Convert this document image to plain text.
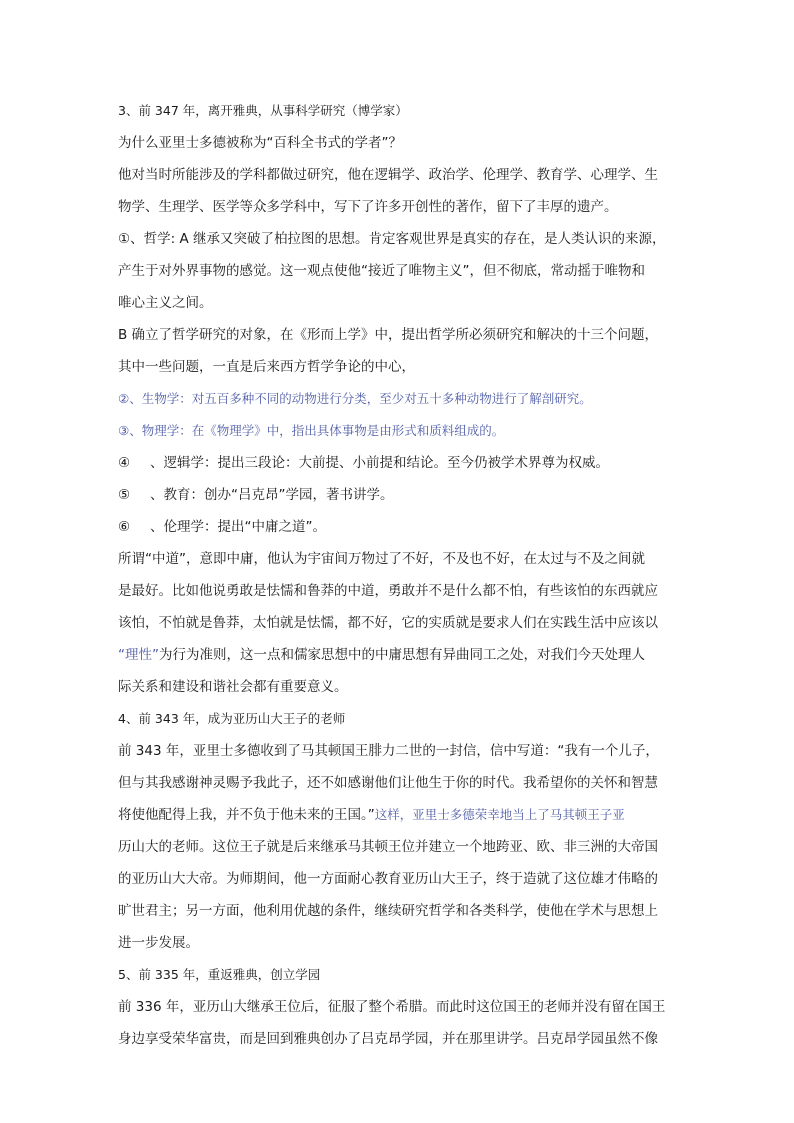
3、前 347 年，离开雅典，从事科学研究（博学家）
为什么亚里士多德被称为“百科全书式的学者”？
他对当时所能涉及的学科都做过研究，他在逻辑学、政治学、伦理学、教育学、心理学、生
物学、生理学、医学等众多学科中，写下了许多开创性的著作，留下了丰厚的遗产。
①、哲学: A 继承又突破了柏拉图的思想。肯定客观世界是真实的存在，是人类认识的来源，
产生于对外界事物的感觉。这一观点使他“接近了唯物主义”，但不彻底，常动摇于唯物和
唯心主义之间。
B 确立了哲学研究的对象，在《形而上学》中，提出哲学所必须研究和解决的十三个问题，
其中一些问题，一直是后来西方哲学争论的中心，
②、生物学：对五百多种不同的动物进行分类，至少对五十多种动物进行了解剖研究。
③、物理学：在《物理学》中，指出具体事物是由形式和质料组成的。
④ 、逻辑学：提出三段论：大前提、小前提和结论。至今仍被学术界尊为权威。
⑤ 、教育：创办“吕克昂”学园，著书讲学。
⑥ 、伦理学：提出“中庸之道”。
所谓“中道”，意即中庸，他认为宇宙间万物过了不好，不及也不好，在太过与不及之间就
是最好。比如他说勇敢是怯懦和鲁莽的中道，勇敢并不是什么都不怕，有些该怕的东西就应
该怕，不怕就是鲁莽，太怕就是怯懦，都不好，它的实质就是要求人们在实践生活中应该以
“理性”为行为准则，这一点和儒家思想中的中庸思想有异曲同工之处，对我们今天处理人
际关系和建设和谐社会都有重要意义。
4、前 343 年，成为亚历山大王子的老师
前 343 年，亚里士多德收到了马其顿国王腓力二世的一封信，信中写道：“我有一个儿子，
但与其我感谢神灵赐予我此子，还不如感谢他们让他生于你的时代。我希望你的关怀和智慧
将使他配得上我，并不负于他未来的王国。”这样，亚里士多德荣幸地当上了马其顿王子亚
历山大的老师。这位王子就是后来继承马其顿王位并建立一个地跨亚、欧、非三洲的大帝国
的亚历山大大帝。为师期间，他一方面耐心教育亚历山大王子，终于造就了这位雄才伟略的
旷世君主；另一方面，他利用优越的条件，继续研究哲学和各类科学，使他在学术与思想上
进一步发展。
5、前 335 年，重返雅典，创立学园
前 336 年，亚历山大继承王位后，征服了整个希腊。而此时这位国王的老师并没有留在国王
身边享受荣华富贵，而是回到雅典创办了吕克昂学园，并在那里讲学。吕克昂学园虽然不像
